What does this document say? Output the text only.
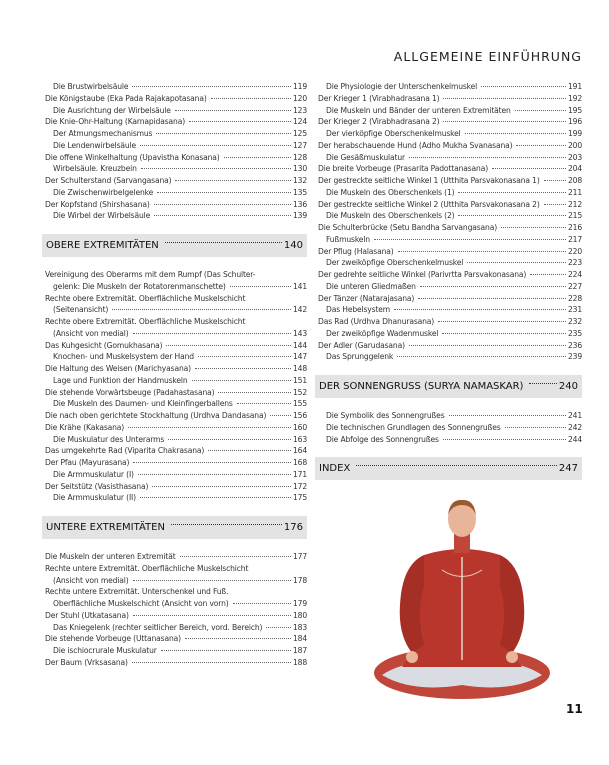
ALLGEMEINE EINFÜHRUNG
Die Brustwirbelsäule	119
Die Königstaube (Eka Pada Rajakapotasana)	120
Die Ausrichtung der Wirbelsäule	123
Die Knie-Ohr-Haltung (Karnapidasana)	124
Der Atmungsmechanismus	125
Die Lendenwirbelsäule	127
Die offene Winkelhaltung (Upavistha Konasana)	128
Wirbelsäule. Kreuzbein	130
Der Schulterstand (Sarvangasana)	132
Die Zwischenwirbelgelenke	135
Der Kopfstand (Shirshasana)	136
Die Wirbel der Wirbelsäule	139
OBERE EXTREMITÄTEN	140
Vereinigung des Oberarms mit dem Rumpf (Das Schulter-
gelenk: Die Muskeln der Rotatorenmanschette)	141
Rechte obere Extremität. Oberflächliche Muskelschicht
(Seitenansicht)	142
Rechte obere Extremität. Oberflächliche Muskelschicht
(Ansicht von medial)	143
Das Kuhgesicht (Gomukhasana)	144
Knochen- und Muskelsystem der Hand	147
Die Haltung des Weisen (Marichyasana)	148
Lage und Funktion der Handmuskeln	151
Die stehende Vorwärtsbeuge (Padahastasana)	152
Die Muskeln des Daumen- und Kleinfingerballens	155
Die nach oben gerichtete Stockhaltung (Urdhva Dandasana)	156
Die Krähe (Kakasana)	160
Die Muskulatur des Unterarms	163
Das umgekehrte Rad (Viparita Chakrasana)	164
Der Pfau (Mayurasana)	168
Die Armmuskulatur (I)	171
Der Seitstütz (Vasisthasana)	172
Die Armmuskulatur (II)	175
UNTERE EXTREMITÄTEN	176
Die Muskeln der unteren Extremität	177
Rechte untere Extremität. Oberflächliche Muskelschicht
(Ansicht von medial)	178
Rechte untere Extremität. Unterschenkel und Fuß.
Oberflächliche Muskelschicht (Ansicht von vorn)	179
Der Stuhl (Utkatasana)	180
Das Kniegelenk (rechter seitlicher Bereich, vord. Bereich)	183
Die stehende Vorbeuge (Uttanasana)	184
Die ischiocrurale Muskulatur	187
Der Baum (Vrksasana)	188
Die Physiologie der Unterschenkelmuskel	191
Der Krieger 1 (Virabhadrasana 1)	192
Die Muskeln und Bänder der unteren Extremitäten	195
Der Krieger 2 (Virabhadrasana 2)	196
Der vierköpfige Oberschenkelmuskel	199
Der herabschauende Hund (Adho Mukha Svanasana)	200
Die Gesäßmuskulatur	203
Die breite Vorbeuge (Prasarita Padottanasana)	204
Der gestreckte seitliche Winkel 1 (Utthita Parsvakonasana 1)	208
Die Muskeln des Oberschenkels (1)	211
Der gestreckte seitliche Winkel 2 (Utthita Parsvakonasana 2)	212
Die Muskeln des Oberschenkels (2)	215
Die Schulterbrücke (Setu Bandha Sarvangasana)	216
Fußmuskeln	217
Der Pflug (Halasana)	220
Der zweiköpfige Oberschenkelmuskel	223
Der gedrehte seitliche Winkel (Parivrtta Parsvakonasana)	224
Die unteren Gliedmaßen	227
Der Tänzer (Natarajasana)	228
Das Hebelsystem	231
Das Rad (Urdhva Dhanurasana)	232
Der zweiköpfige Wadenmuskel	235
Der Adler (Garudasana)	236
Das Sprunggelenk	239
DER SONNENGRUSS (SURYA NAMASKAR)	240
Die Symbolik des Sonnengrußes	241
Die technischen Grundlagen des Sonnengrußes	242
Die Abfolge des Sonnengrußes	244
INDEX	247
11
